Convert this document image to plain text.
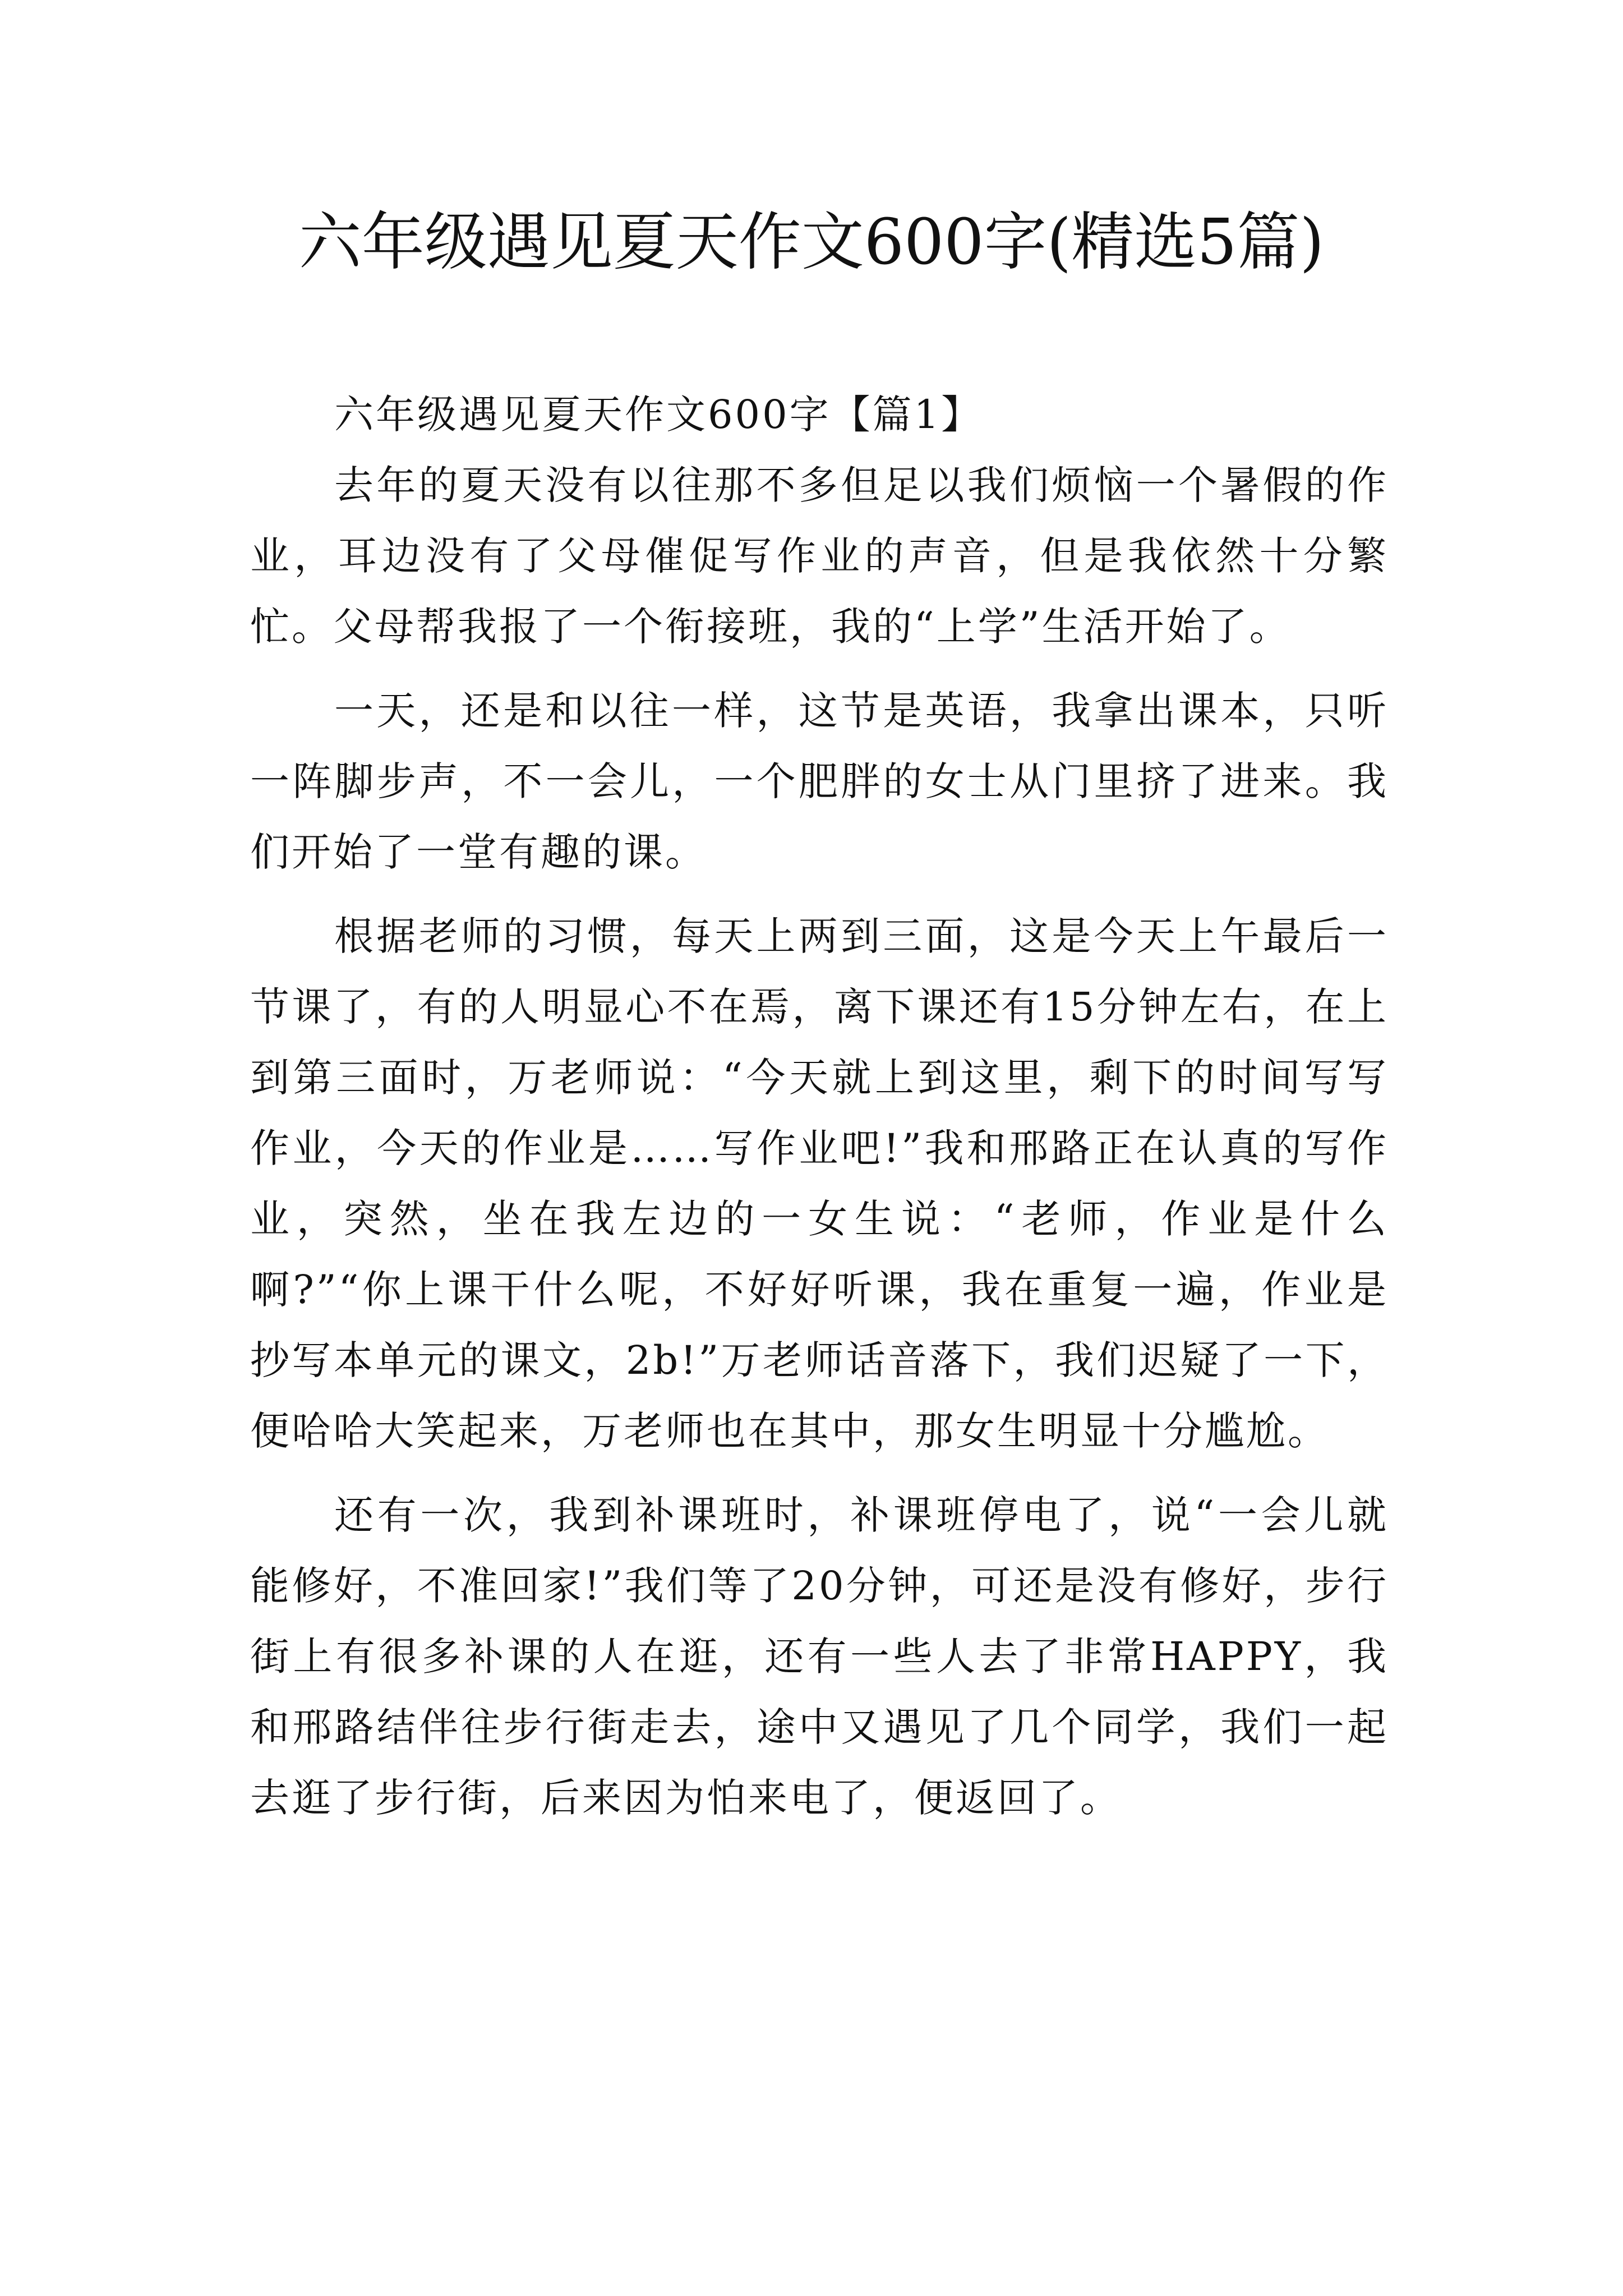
六年级遇见夏天作文600字(精选5篇)

六年级遇见夏天作文600字【篇1】

去年的夏天没有以往那不多但足以我们烦恼一个暑假的作业，耳边没有了父母催促写作业的声音，但是我依然十分繁忙。父母帮我报了一个衔接班，我的“上学”生活开始了。

一天，还是和以往一样，这节是英语，我拿出课本，只听一阵脚步声，不一会儿，一个肥胖的女士从门里挤了进来。我们开始了一堂有趣的课。

根据老师的习惯，每天上两到三面，这是今天上午最后一节课了，有的人明显心不在焉，离下课还有15分钟左右，在上到第三面时，万老师说：“今天就上到这里，剩下的时间写写作业，今天的作业是……写作业吧!”我和邢路正在认真的写作业，突然，坐在我左边的一女生说：“老师，作业是什么啊?”“你上课干什么呢，不好好听课，我在重复一遍，作业是抄写本单元的课文，2b!”万老师话音落下，我们迟疑了一下，便哈哈大笑起来，万老师也在其中，那女生明显十分尴尬。

还有一次，我到补课班时，补课班停电了，说“一会儿就能修好，不准回家!”我们等了20分钟，可还是没有修好，步行街上有很多补课的人在逛，还有一些人去了非常HAPPY，我和邢路结伴往步行街走去，途中又遇见了几个同学，我们一起去逛了步行街，后来因为怕来电了，便返回了。
